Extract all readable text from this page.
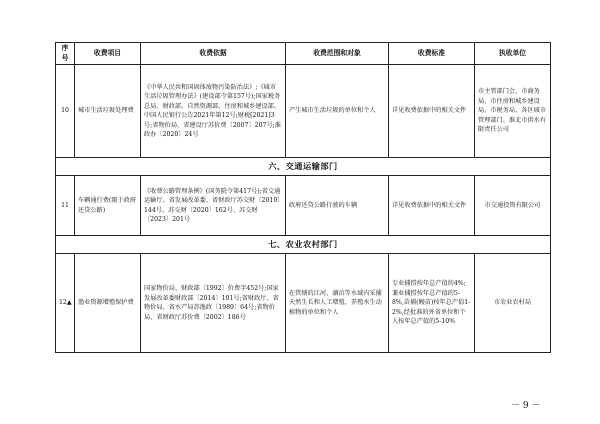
序号	收费项目	收费依据	收费范围和对象	收费标准	执收单位
10	城市生活垃圾处理费	《中华人民共和国固体废物污染防治法》;《城市生活垃圾管理办法》(建设部令第157号);国家税务总局、财政部、自然资源部、住房和城乡建设部、中国人民银行公告2021年第12号;财税[2021]3号;省物价局、省建设厅苏价费〔2007〕207号;淮政办〔2020〕24号	产生城市生活垃圾的单位和个人	详见收费依据中的相关文件	市主管部门会、市商务局、市住房和城乡建设局、市税务局、各区城市管理部门、淮北市供水有限责任公司
六、交通运输部门					
11	车辆通行费(限于政府还贷公路)	《收费公路管理条例》(国务院令第417号);省交通运输厅、省发展改革委、省财政厅苏交财〔2019〕144号、苏交财〔2020〕162号、苏交财〔2023〕201号	政府还贷公路行驶的车辆	详见收费依据中的相关文件	市交通投资有限公司
七、农业农村部门					
12▲	渔业资源增殖保护费	国家物价局、财政部〔1992〕价费字452号;国家发展改革委财政部〔2014〕101号;省财政厅、省物价局、省水产局苏渔政〔1989〕64号;省物价局、省财政厅苏价费〔2002〕186号	在管辖的江河、湖泊等水域内采捕天然生长和人工增殖、养殖水生动植物的单位和个人	专业捕捞按年总产值的4%;兼业捕捞按年总产值的5-8%,苗捕(鳗苗)按年总产值1-2%,经批准的外省单位和个人按年总产值的5-10%	市农业农村局
－ 9 －
